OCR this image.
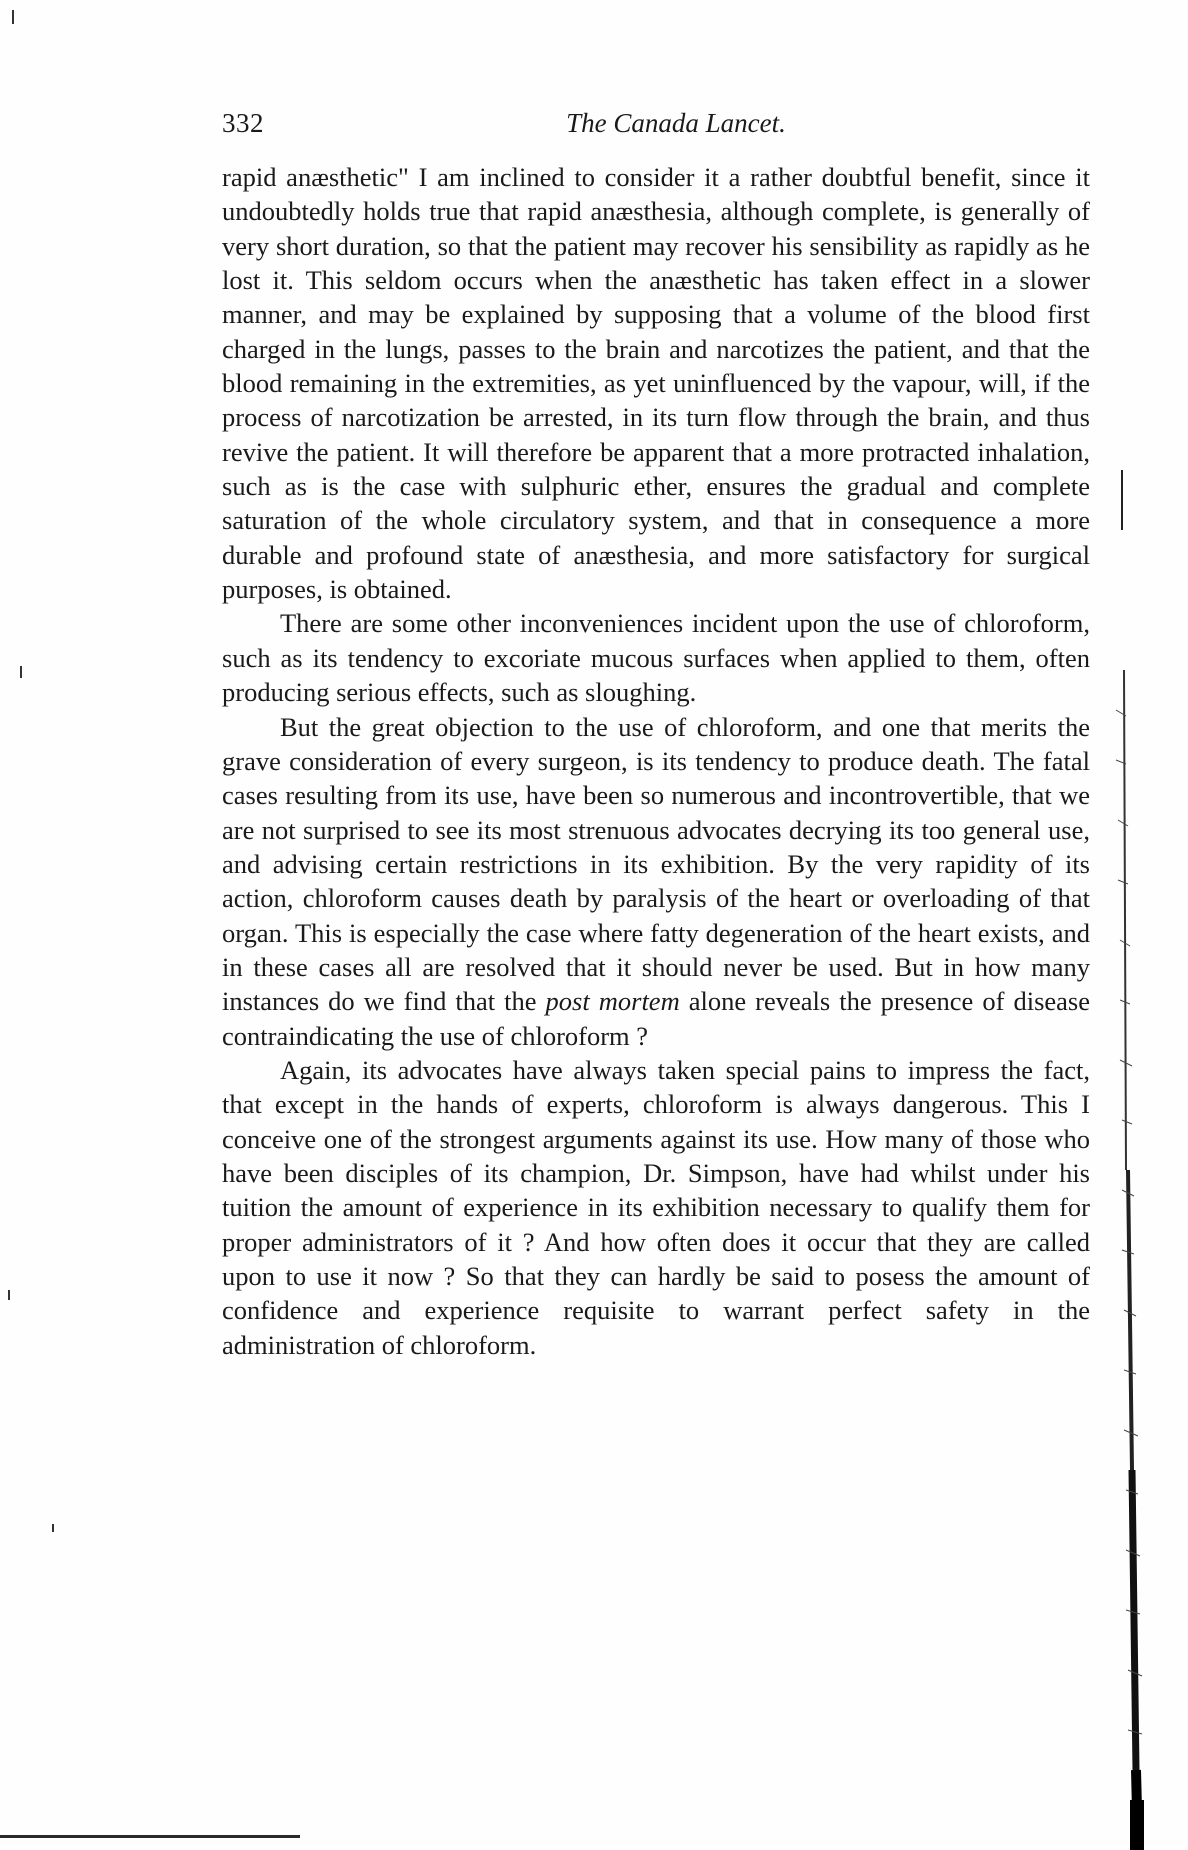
332	The Canada Lancet.

rapid anæsthetic" I am inclined to consider it a rather doubtful benefit, since it undoubtedly holds true that rapid anæsthesia, although complete, is generally of very short duration, so that the patient may recover his sensibility as rapidly as he lost it. This seldom occurs when the anæsthetic has taken effect in a slower manner, and may be explained by supposing that a volume of the blood first charged in the lungs, passes to the brain and narcotizes the patient, and that the blood remaining in the extremities, as yet uninfluenced by the vapour, will, if the process of narcotization be arrested, in its turn flow through the brain, and thus revive the patient. It will therefore be apparent that a more protracted inhalation, such as is the case with sulphuric ether, ensures the gradual and complete saturation of the whole circulatory system, and that in consequence a more durable and profound state of anæsthesia, and more satisfactory for surgical purposes, is obtained.

There are some other inconveniences incident upon the use of chloroform, such as its tendency to excoriate mucous surfaces when applied to them, often producing serious effects, such as sloughing.

But the great objection to the use of chloroform, and one that merits the grave consideration of every surgeon, is its tendency to produce death. The fatal cases resulting from its use, have been so numerous and incontrovertible, that we are not surprised to see its most strenuous advocates decrying its too general use, and advising certain restrictions in its exhibition. By the very rapidity of its action, chloroform causes death by paralysis of the heart or overloading of that organ. This is especially the case where fatty degeneration of the heart exists, and in these cases all are resolved that it should never be used. But in how many instances do we find that the post mortem alone reveals the presence of disease contraindicating the use of chloroform ?

Again, its advocates have always taken special pains to impress the fact, that except in the hands of experts, chloroform is always dangerous. This I conceive one of the strongest arguments against its use. How many of those who have been disciples of its champion, Dr. Simpson, have had whilst under his tuition the amount of experience in its exhibition necessary to qualify them for proper administrators of it ? And how often does it occur that they are called upon to use it now ? So that they can hardly be said to posess the amount of confidence and experience requisite to warrant perfect safety in the administration of chloroform.
